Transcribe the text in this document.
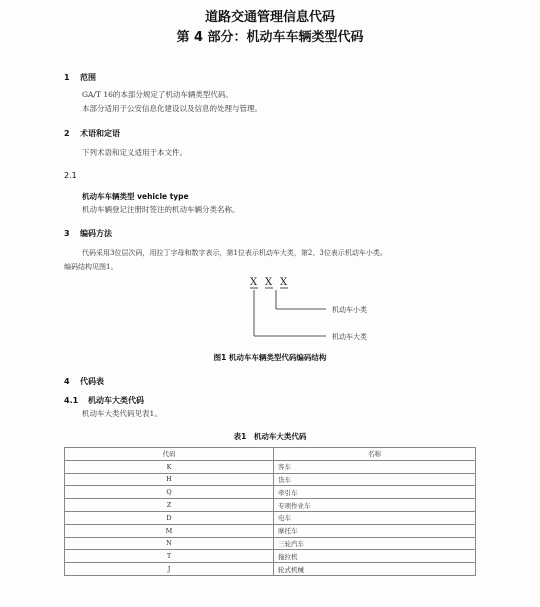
道路交通管理信息代码
第 4 部分：机动车车辆类型代码
1 范围
GA/T 16的本部分规定了机动车辆类型代码。
本部分适用于公安信息化建设以及信息的处理与管理。
2 术语和定语
下列术语和定义适用于本文件。
2.1
机动车车辆类型 vehicle type
机动车辆登记注册时签注的机动车辆分类名称。
3 编码方法
代码采用3位层次码，用拉丁字母和数字表示，第1位表示机动车大类，第2、3位表示机动车小类。
编码结构见图1。
X X X
机动车小类
机动车大类
图1 机动车车辆类型代码编码结构
4 代码表
4.1 机动车大类代码
机动车大类代码见表1。
表1　机动车大类代码
代码	名称
K	客车
H	货车
Q	牵引车
Z	专项作业车
D	电车
M	摩托车
N	三轮汽车
T	拖拉机
J	轮式机械
